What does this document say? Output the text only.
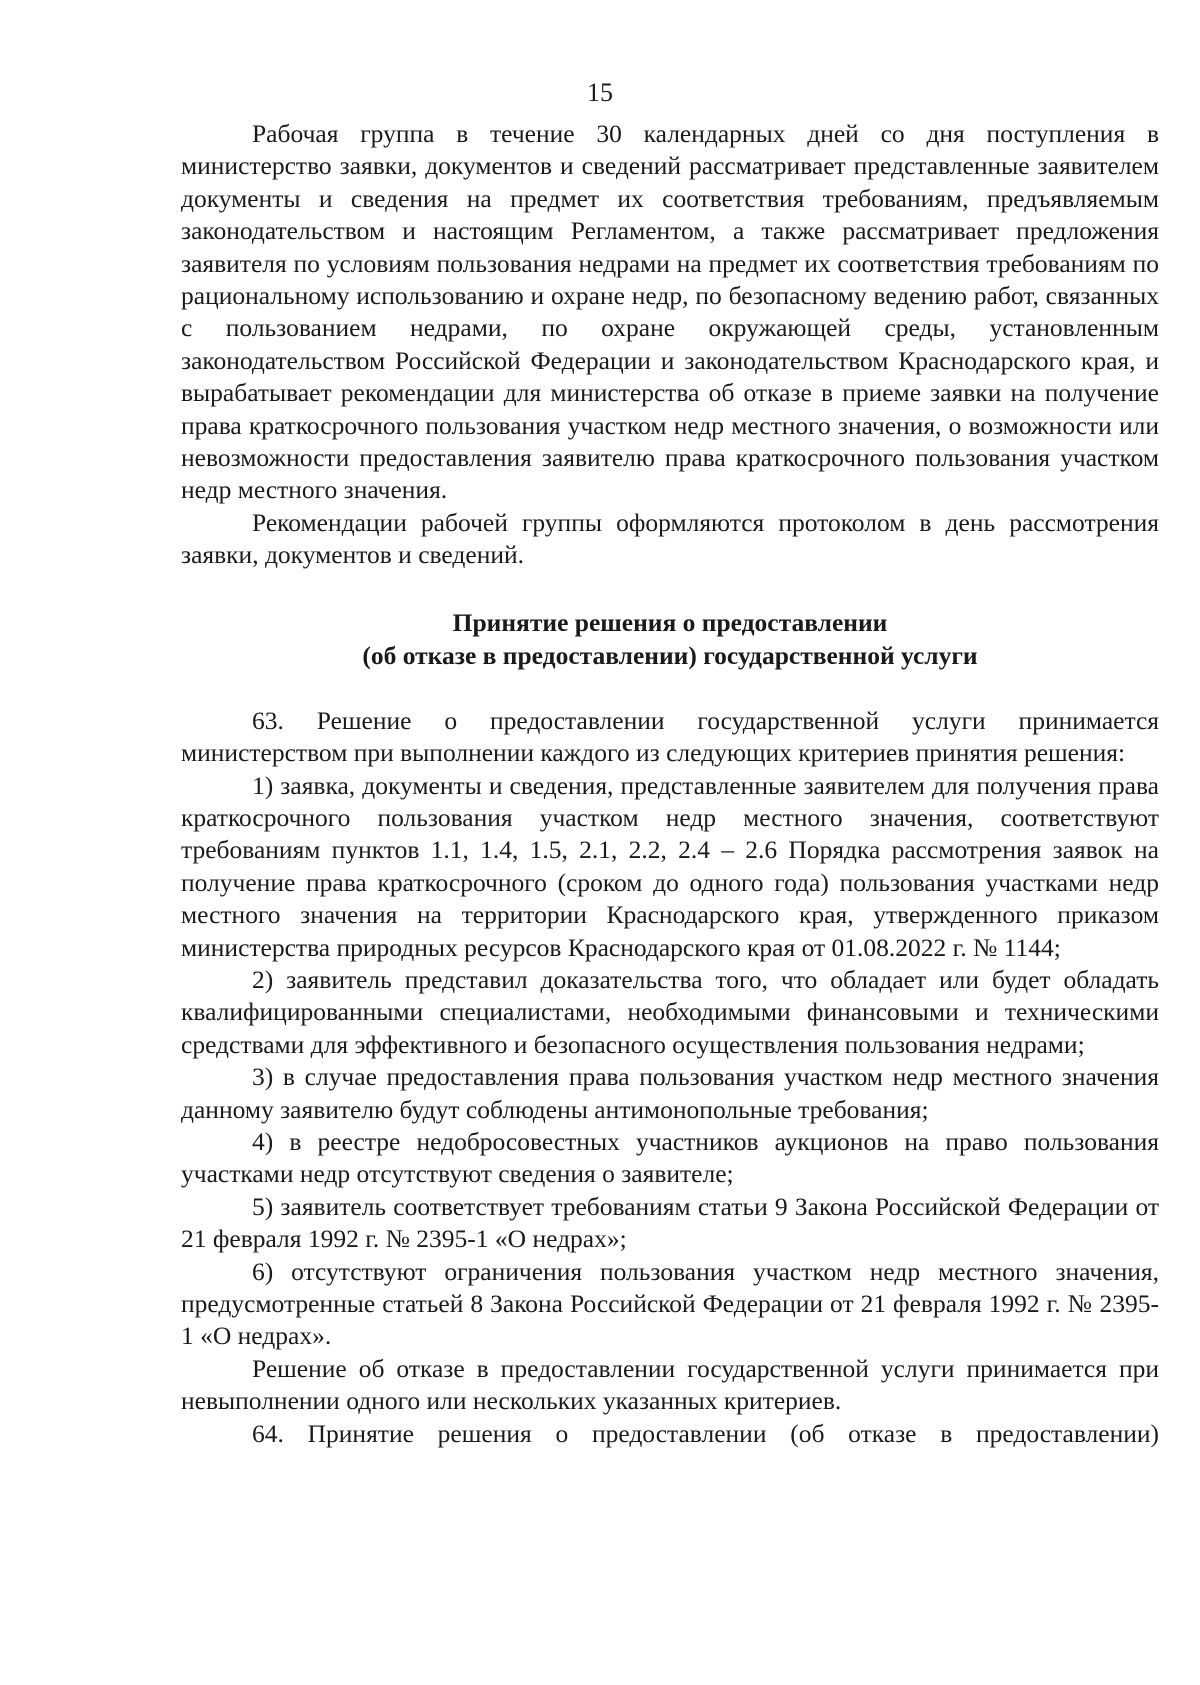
15

Рабочая группа в течение 30 календарных дней со дня поступления в министерство заявки, документов и сведений рассматривает представленные заявителем документы и сведения на предмет их соответствия требованиям, предъявляемым законодательством и настоящим Регламентом, а также рассматривает предложения заявителя по условиям пользования недрами на предмет их соответствия требованиям по рациональному использованию и охране недр, по безопасному ведению работ, связанных с пользованием недрами, по охране окружающей среды, установленным законодательством Российской Федерации и законодательством Краснодарского края, и вырабатывает рекомендации для министерства об отказе в приеме заявки на получение права краткосрочного пользования участком недр местного значения, о возможности или невозможности предоставления заявителю права краткосрочного пользования участком недр местного значения.

Рекомендации рабочей группы оформляются протоколом в день рассмотрения заявки, документов и сведений.

Принятие решения о предоставлении

(об отказе в предоставлении) государственной услуги

63. Решение о предоставлении государственной услуги принимается министерством при выполнении каждого из следующих критериев принятия решения:

1) заявка, документы и сведения, представленные заявителем для получения права краткосрочного пользования участком недр местного значения, соответствуют требованиям пунктов 1.1, 1.4, 1.5, 2.1, 2.2, 2.4 – 2.6 Порядка рассмотрения заявок на получение права краткосрочного (сроком до одного года) пользования участками недр местного значения на территории Краснодарского края, утвержденного приказом министерства природных ресурсов Краснодарского края от 01.08.2022 г. № 1144;

2) заявитель представил доказательства того, что обладает или будет обладать квалифицированными специалистами, необходимыми финансовыми и техническими средствами для эффективного и безопасного осуществления пользования недрами;

3) в случае предоставления права пользования участком недр местного значения данному заявителю будут соблюдены антимонопольные требования;

4) в реестре недобросовестных участников аукционов на право пользования участками недр отсутствуют сведения о заявителе;

5) заявитель соответствует требованиям статьи 9 Закона Российской Федерации от 21 февраля 1992 г. № 2395-1 «О недрах»;

6) отсутствуют ограничения пользования участком недр местного значения, предусмотренные статьей 8 Закона Российской Федерации от 21 февраля 1992 г. № 2395-1 «О недрах».

Решение об отказе в предоставлении государственной услуги принимается при невыполнении одного или нескольких указанных критериев.

64. Принятие решения о предоставлении (об отказе в предоставлении)
